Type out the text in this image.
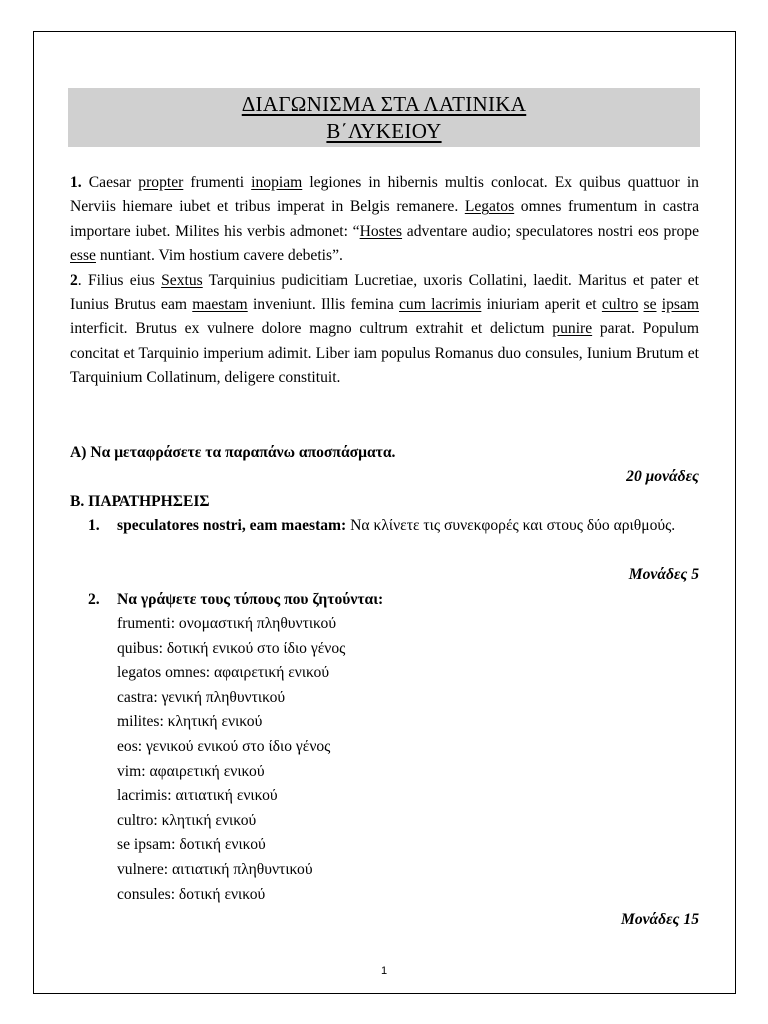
ΔΙΑΓΩΝΙΣΜΑ ΣΤΑ ΛΑΤΙΝΙΚΑ
Β΄ΛΥΚΕΙΟΥ
1. Caesar propter frumenti inopiam legiones in hibernis multis conlocat. Ex quibus quattuor in Nerviis hiemare iubet et tribus imperat in Belgis remanere. Legatos omnes frumentum in castra importare iubet. Milites his verbis admonet: “Hostes adventare audio; speculatores nostri eos prope esse nuntiant. Vim hostium cavere debetis”.
2. Filius eius Sextus Tarquinius pudicitiam Lucretiae, uxoris Collatini, laedit. Maritus et pater et Iunius Brutus eam maestam inveniunt. Illis femina cum lacrimis iniuriam aperit et cultro se ipsam interficit. Brutus ex vulnere dolore magno cultrum extrahit et delictum punire parat. Populum concitat et Tarquinio imperium adimit. Liber iam populus Romanus duo consules, Iunium Brutum et Tarquinium Collatinum, deligere constituit.
Α) Να μεταφράσετε τα παραπάνω αποσπάσματα.
20 μονάδες
Β. ΠΑΡΑΤΗΡΗΣΕΙΣ
1.	speculatores nostri, eam maestam: Να κλίνετε τις συνεκφορές και στους δύο αριθμούς.
Μονάδες 5
2.	Να γράψετε τους τύπους που ζητούνται:
frumenti: ονομαστική πληθυντικού
quibus: δοτική ενικού στο ίδιο γένος
legatos omnes: αφαιρετική ενικού
castra: γενική πληθυντικού
milites: κλητική ενικού
eos: γενικού ενικού στο ίδιο γένος
vim: αφαιρετική ενικού
lacrimis: αιτιατική ενικού
cultro: κλητική ενικού
se ipsam: δοτική ενικού
vulnere: αιτιατική πληθυντικού
consules: δοτική ενικού
Μονάδες 15
1
